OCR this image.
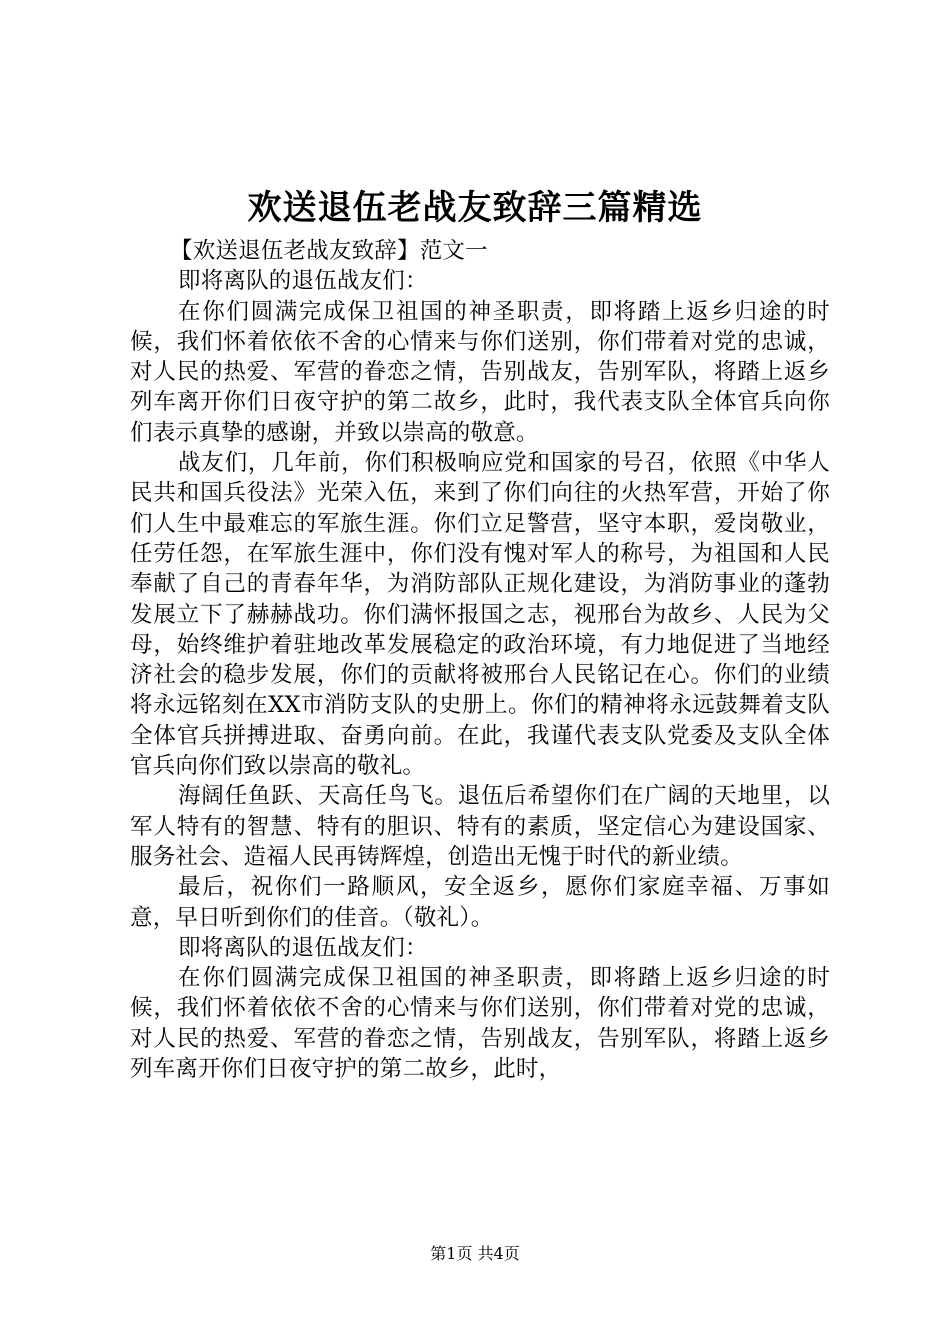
欢送退伍老战友致辞三篇精选

【欢送退伍老战友致辞】范文一

即将离队的退伍战友们：

在你们圆满完成保卫祖国的神圣职责，即将踏上返乡归途的时候，我们怀着依依不舍的心情来与你们送别，你们带着对党的忠诚，对人民的热爱、军营的眷恋之情，告别战友，告别军队，将踏上返乡列车离开你们日夜守护的第二故乡，此时，我代表支队全体官兵向你们表示真挚的感谢，并致以崇高的敬意。

战友们，几年前，你们积极响应党和国家的号召，依照《中华人民共和国兵役法》光荣入伍，来到了你们向往的火热军营，开始了你们人生中最难忘的军旅生涯。你们立足警营，坚守本职，爱岗敬业，任劳任怨，在军旅生涯中，你们没有愧对军人的称号，为祖国和人民奉献了自己的青春年华，为消防部队正规化建设，为消防事业的蓬勃发展立下了赫赫战功。你们满怀报国之志，视邢台为故乡、人民为父母，始终维护着驻地改革发展稳定的政治环境，有力地促进了当地经济社会的稳步发展，你们的贡献将被邢台人民铭记在心。你们的业绩将永远铭刻在XX市消防支队的史册上。你们的精神将永远鼓舞着支队全体官兵拼搏进取、奋勇向前。在此，我谨代表支队党委及支队全体官兵向你们致以崇高的敬礼。

海阔任鱼跃、天高任鸟飞。退伍后希望你们在广阔的天地里，以军人特有的智慧、特有的胆识、特有的素质，坚定信心为建设国家、服务社会、造福人民再铸辉煌，创造出无愧于时代的新业绩。

最后，祝你们一路顺风，安全返乡，愿你们家庭幸福、万事如意，早日听到你们的佳音。（敬礼）。

即将离队的退伍战友们：

在你们圆满完成保卫祖国的神圣职责，即将踏上返乡归途的时候，我们怀着依依不舍的心情来与你们送别，你们带着对党的忠诚，对人民的热爱、军营的眷恋之情，告别战友，告别军队，将踏上返乡列车离开你们日夜守护的第二故乡，此时，

第1页 共4页
